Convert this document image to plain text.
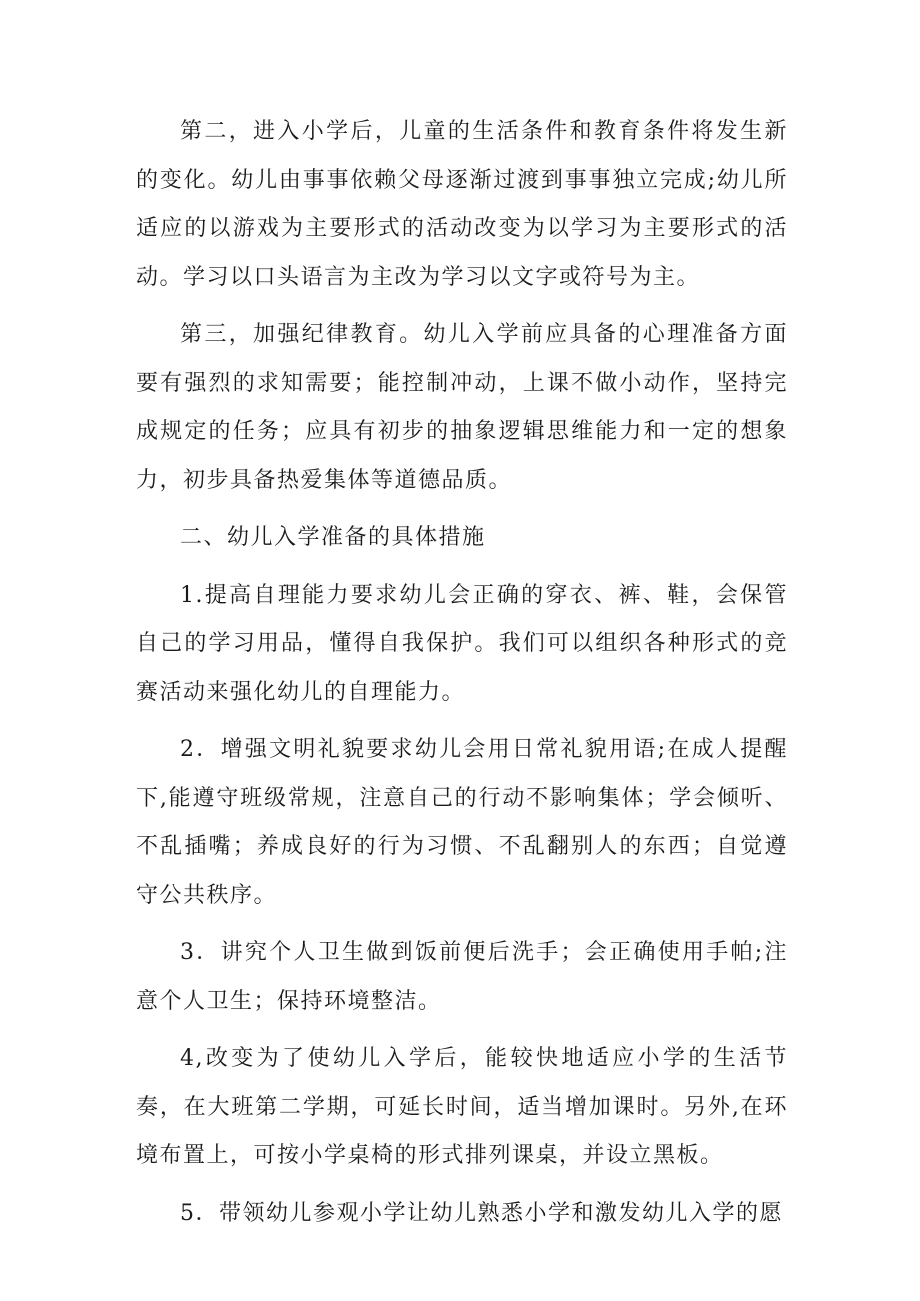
第二，进入小学后，儿童的生活条件和教育条件将发生新的变化。幼儿由事事依赖父母逐渐过渡到事事独立完成;幼儿所适应的以游戏为主要形式的活动改变为以学习为主要形式的活动。学习以口头语言为主改为学习以文字或符号为主。

第三，加强纪律教育。幼儿入学前应具备的心理准备方面要有强烈的求知需要；能控制冲动，上课不做小动作，坚持完成规定的任务；应具有初步的抽象逻辑思维能力和一定的想象力，初步具备热爱集体等道德品质。

二、幼儿入学准备的具体措施

1.提高自理能力要求幼儿会正确的穿衣、裤、鞋，会保管自己的学习用品，懂得自我保护。我们可以组织各种形式的竞赛活动来强化幼儿的自理能力。

2．增强文明礼貌要求幼儿会用日常礼貌用语;在成人提醒下,能遵守班级常规，注意自己的行动不影响集体；学会倾听、不乱插嘴；养成良好的行为习惯、不乱翻别人的东西；自觉遵守公共秩序。

3．讲究个人卫生做到饭前便后洗手；会正确使用手帕;注意个人卫生；保持环境整洁。

4,改变为了使幼儿入学后，能较快地适应小学的生活节奏，在大班第二学期，可延长时间，适当增加课时。另外,在环境布置上，可按小学桌椅的形式排列课桌，并设立黑板。

5．带领幼儿参观小学让幼儿熟悉小学和激发幼儿入学的愿
